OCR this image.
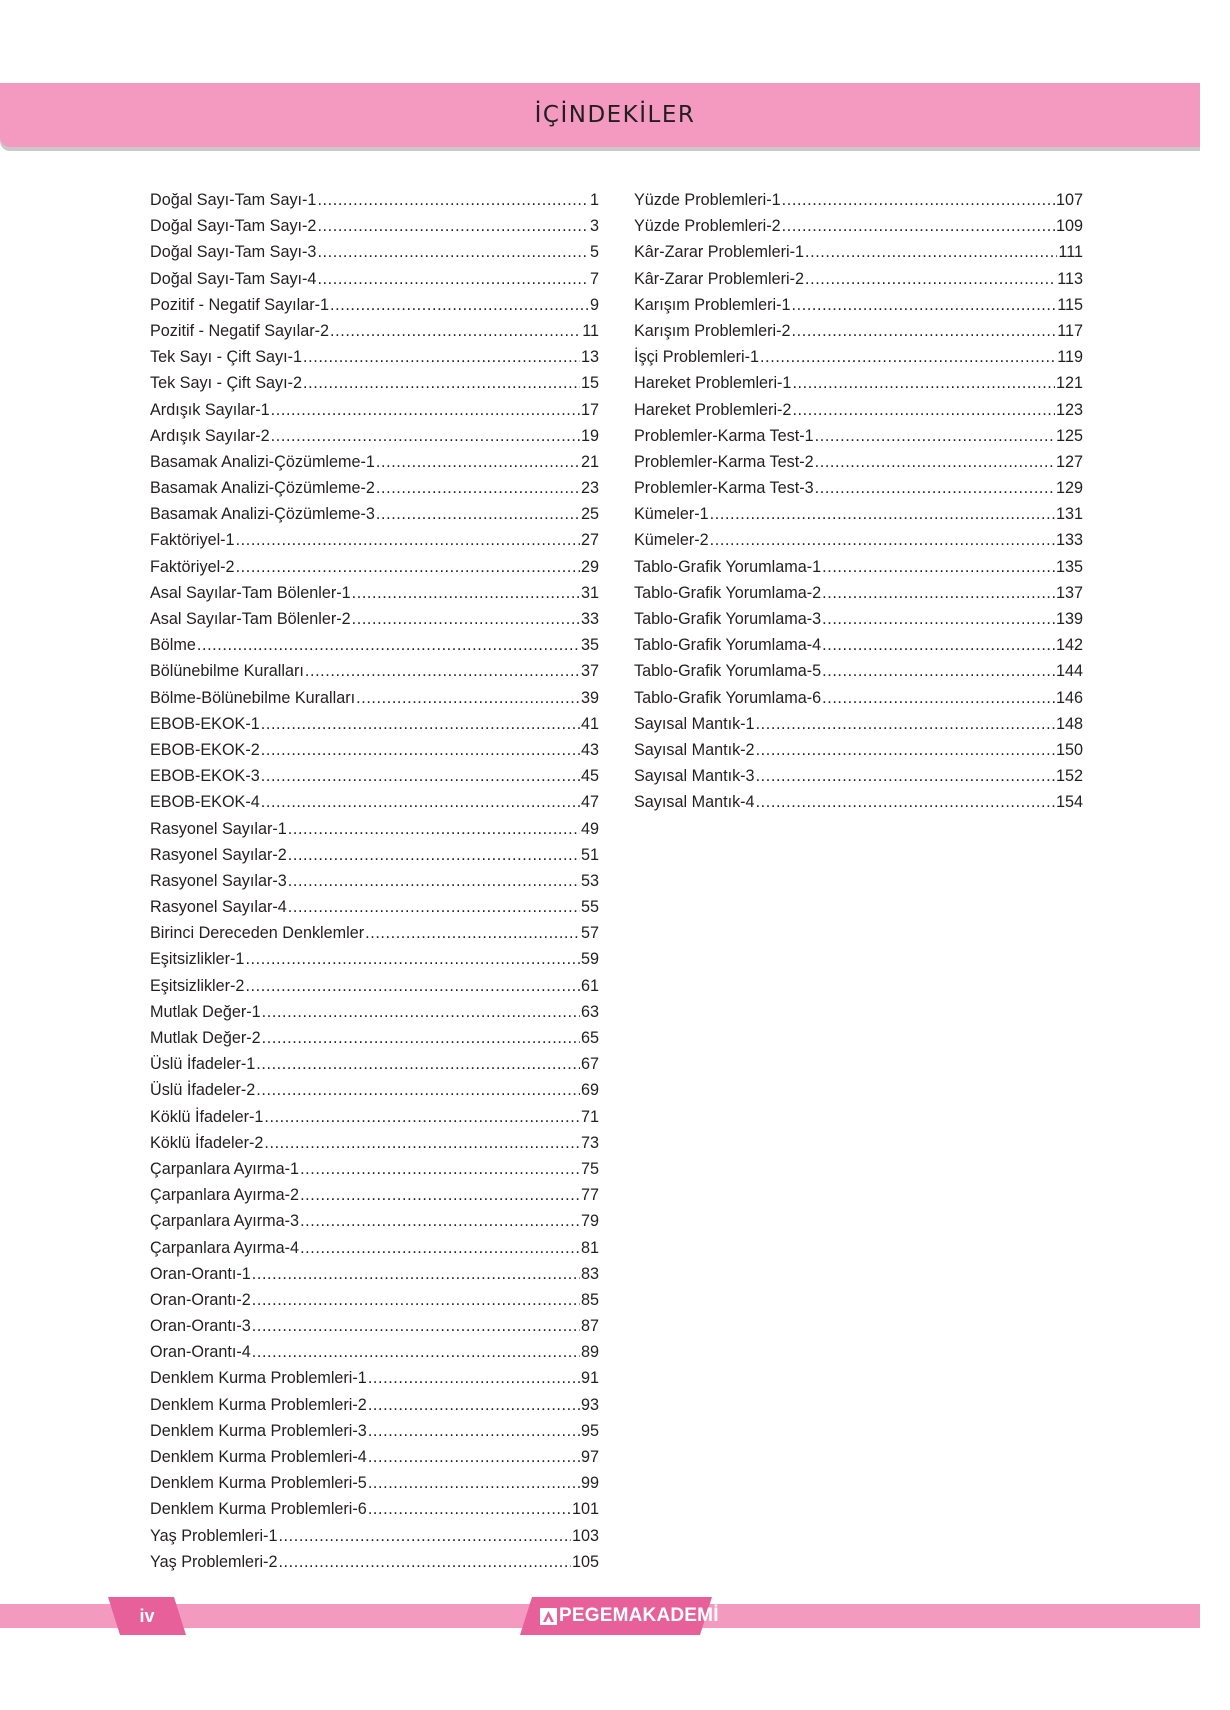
İÇİNDEKİLER
Doğal Sayı-Tam Sayı-1 .....	1
Doğal Sayı-Tam Sayı-2 .....	3
Doğal Sayı-Tam Sayı-3 .....	5
Doğal Sayı-Tam Sayı-4 .....	7
Pozitif - Negatif Sayılar-1 .....	9
Pozitif - Negatif Sayılar-2 .....	11
Tek Sayı - Çift Sayı-1 .....	13
Tek Sayı - Çift Sayı-2 .....	15
Ardışık Sayılar-1 .....	17
Ardışık Sayılar-2 .....	19
Basamak Analizi-Çözümleme-1 .....	21
Basamak Analizi-Çözümleme-2 .....	23
Basamak Analizi-Çözümleme-3 .....	25
Faktöriyel-1 .....	27
Faktöriyel-2 .....	29
Asal Sayılar-Tam Bölenler-1 .....	31
Asal Sayılar-Tam Bölenler-2 .....	33
Bölme .....	35
Bölünebilme Kuralları .....	37
Bölme-Bölünebilme Kuralları .....	39
EBOB-EKOK-1 .....	41
EBOB-EKOK-2 .....	43
EBOB-EKOK-3 .....	45
EBOB-EKOK-4 .....	47
Rasyonel Sayılar-1 .....	49
Rasyonel Sayılar-2 .....	51
Rasyonel Sayılar-3 .....	53
Rasyonel Sayılar-4 .....	55
Birinci Dereceden Denklemler .....	57
Eşitsizlikler-1 .....	59
Eşitsizlikler-2 .....	61
Mutlak Değer-1 .....	63
Mutlak Değer-2 .....	65
Üslü İfadeler-1 .....	67
Üslü İfadeler-2 .....	69
Köklü İfadeler-1 .....	71
Köklü İfadeler-2 .....	73
Çarpanlara Ayırma-1 .....	75
Çarpanlara Ayırma-2 .....	77
Çarpanlara Ayırma-3 .....	79
Çarpanlara Ayırma-4 .....	81
Oran-Orantı-1 .....	83
Oran-Orantı-2 .....	85
Oran-Orantı-3 .....	87
Oran-Orantı-4 .....	89
Denklem Kurma Problemleri-1 .....	91
Denklem Kurma Problemleri-2 .....	93
Denklem Kurma Problemleri-3 .....	95
Denklem Kurma Problemleri-4 .....	97
Denklem Kurma Problemleri-5 .....	99
Denklem Kurma Problemleri-6 .....	101
Yaş Problemleri-1 .....	103
Yaş Problemleri-2 .....	105
Yüzde Problemleri-1 .....	107
Yüzde Problemleri-2 .....	109
Kâr-Zarar Problemleri-1 .....	111
Kâr-Zarar Problemleri-2 .....	113
Karışım Problemleri-1 .....	115
Karışım Problemleri-2 .....	117
İşçi Problemleri-1 .....	119
Hareket Problemleri-1 .....	121
Hareket Problemleri-2 .....	123
Problemler-Karma Test-1 .....	125
Problemler-Karma Test-2 .....	127
Problemler-Karma Test-3 .....	129
Kümeler-1 .....	131
Kümeler-2 .....	133
Tablo-Grafik Yorumlama-1 .....	135
Tablo-Grafik Yorumlama-2 .....	137
Tablo-Grafik Yorumlama-3 .....	139
Tablo-Grafik Yorumlama-4 .....	142
Tablo-Grafik Yorumlama-5 .....	144
Tablo-Grafik Yorumlama-6 .....	146
Sayısal Mantık-1 .....	148
Sayısal Mantık-2 .....	150
Sayısal Mantık-3 .....	152
Sayısal Mantık-4 .....	154
iv	PEGEMAKADEMİ
